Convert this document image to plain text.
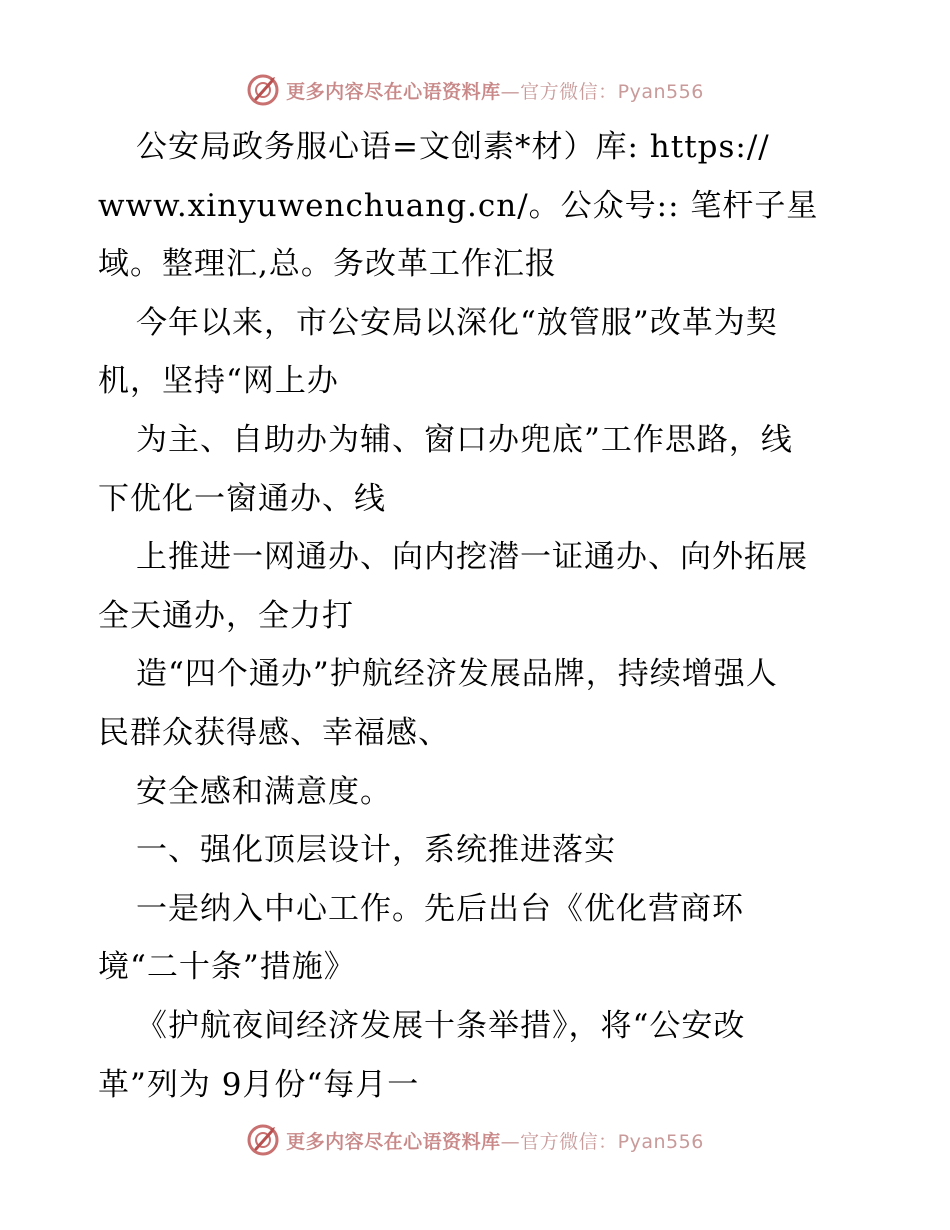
更多内容尽在心语资料库—官方微信：Pyan556
公安局政务服心语=文创素*材）库: https://
www.xinyuwenchuang.cn/。公众号:: 笔杆子星
域。整理汇,总。务改革工作汇报
今年以来，市公安局以深化“放管服”改革为契
机，坚持“网上办
为主、自助办为辅、窗口办兜底”工作思路，线
下优化一窗通办、线
上推进一网通办、向内挖潜一证通办、向外拓展
全天通办，全力打
造“四个通办”护航经济发展品牌，持续增强人
民群众获得感、幸福感、
安全感和满意度。
一、强化顶层设计，系统推进落实
一是纳入中心工作。先后出台《优化营商环
境“二十条”措施》
《护航夜间经济发展十条举措》，将“公安改
革”列为 9月份“每月一
更多内容尽在心语资料库—官方微信：Pyan556
